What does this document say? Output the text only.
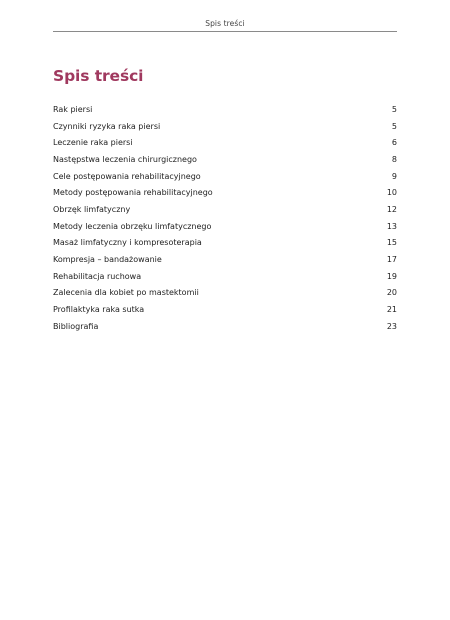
Spis treści
Spis treści
Rak piersi	5
Czynniki ryzyka raka piersi	5
Leczenie raka piersi	6
Następstwa leczenia chirurgicznego	8
Cele postępowania rehabilitacyjnego	9
Metody postępowania rehabilitacyjnego	10
Obrzęk limfatyczny	12
Metody leczenia obrzęku limfatycznego	13
Masaż limfatyczny i kompresoterapia	15
Kompresja – bandażowanie	17
Rehabilitacja ruchowa	19
Zalecenia dla kobiet po mastektomii	20
Profilaktyka raka sutka	21
Bibliografia	23
